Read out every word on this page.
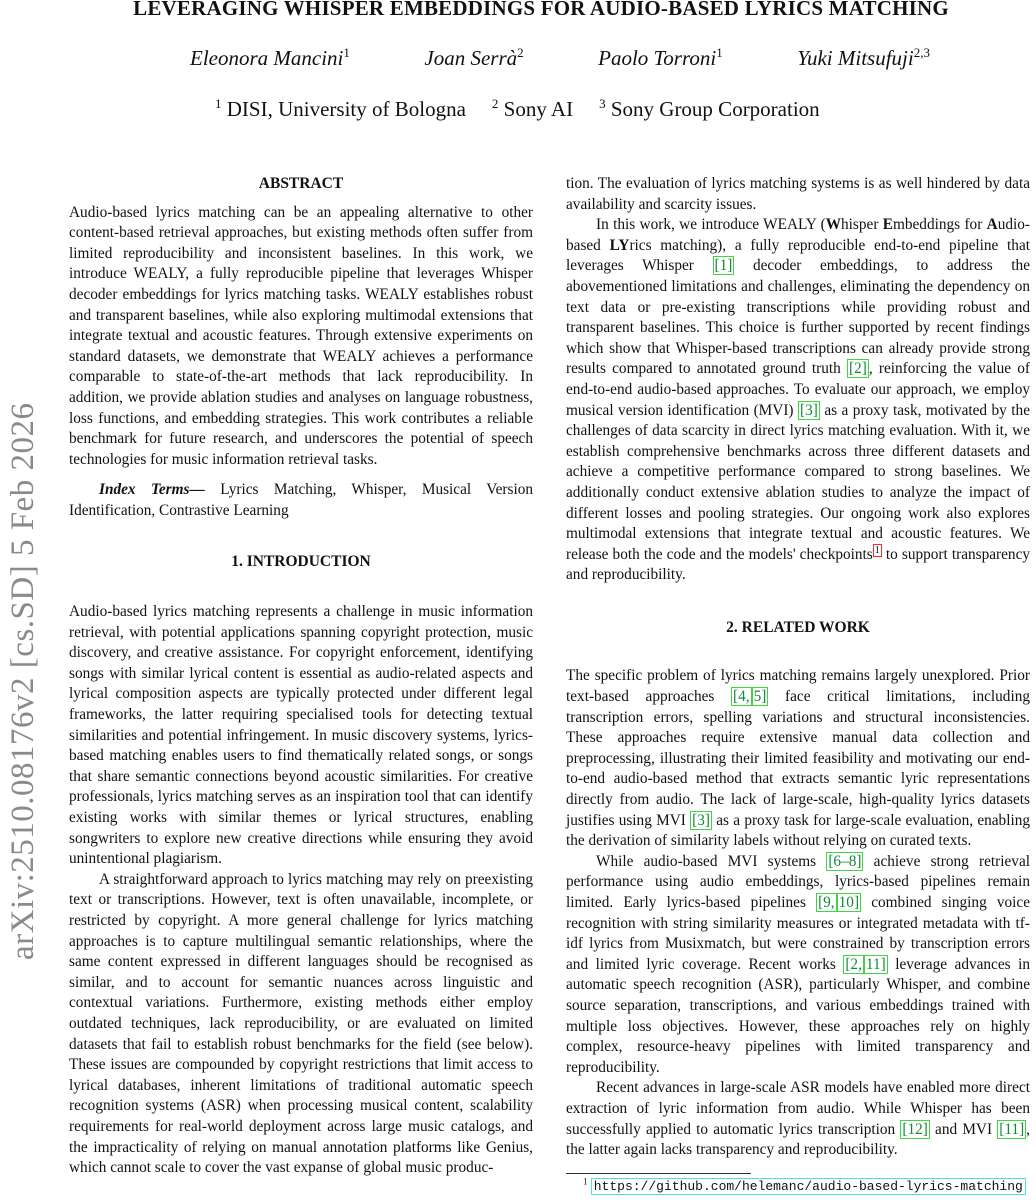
arXiv:2510.08176v2 [cs.SD] 5 Feb 2026
LEVERAGING WHISPER EMBEDDINGS FOR AUDIO-BASED LYRICS MATCHING
Eleonora Mancini$^1$	Joan Serrà$^2$	Paolo Torroni$^1$	Yuki Mitsufuji$^{2,3}$
$^1$ DISI, University of Bologna $^2$ Sony AI $^3$ Sony Group Corporation
ABSTRACT

Audio-based lyrics matching can be an appealing alternative to other content-based retrieval approaches, but existing methods often suffer from limited reproducibility and inconsistent baselines. In this work, we introduce WEALY, a fully reproducible pipeline that leverages Whisper decoder embeddings for lyrics matching tasks. WEALY establishes robust and transparent baselines, while also exploring multimodal extensions that integrate textual and acoustic features. Through extensive experiments on standard datasets, we demonstrate that WEALY achieves a performance comparable to state-of-the-art methods that lack reproducibility. In addition, we provide ablation studies and analyses on language robustness, loss functions, and embedding strategies. This work contributes a reliable benchmark for future research, and underscores the potential of speech technologies for music information retrieval tasks.

Index Terms— Lyrics Matching, Whisper, Musical Version Identification, Contrastive Learning

1. INTRODUCTION

Audio-based lyrics matching represents a challenge in music information retrieval, with potential applications spanning copyright protection, music discovery, and creative assistance. For copyright enforcement, identifying songs with similar lyrical content is essential as audio-related aspects and lyrical composition aspects are typically protected under different legal frameworks, the latter requiring specialised tools for detecting textual similarities and potential infringement. In music discovery systems, lyrics-based matching enables users to find thematically related songs, or songs that share semantic connections beyond acoustic similarities. For creative professionals, lyrics matching serves as an inspiration tool that can identify existing works with similar themes or lyrical structures, enabling songwriters to explore new creative directions while ensuring they avoid unintentional plagiarism.

A straightforward approach to lyrics matching may rely on preexisting text or transcriptions. However, text is often unavailable, incomplete, or restricted by copyright. A more general challenge for lyrics matching approaches is to capture multilingual semantic relationships, where the same content expressed in different languages should be recognised as similar, and to account for semantic nuances across linguistic and contextual variations. Furthermore, existing methods either employ outdated techniques, lack reproducibility, or are evaluated on limited datasets that fail to establish robust benchmarks for the field (see below). These issues are compounded by copyright restrictions that limit access to lyrical databases, inherent limitations of traditional automatic speech recognition systems (ASR) when processing musical content, scalability requirements for real-world deployment across large music catalogs, and the impracticality of relying on manual annotation platforms like Genius, which cannot scale to cover the vast expanse of global music produc-

tion. The evaluation of lyrics matching systems is as well hindered by data availability and scarcity issues.

In this work, we introduce WEALY (Whisper Embeddings for Audio-based LYrics matching), a fully reproducible end-to-end pipeline that leverages Whisper [1] decoder embeddings, to address the abovementioned limitations and challenges, eliminating the dependency on text data or pre-existing transcriptions while providing robust and transparent baselines. This choice is further supported by recent findings which show that Whisper-based transcriptions can already provide strong results compared to annotated ground truth [2] , reinforcing the value of end-to-end audio-based approaches. To evaluate our approach, we employ musical version identification (MVI) [3] as a proxy task, motivated by the challenges of data scarcity in direct lyrics matching evaluation. With it, we establish comprehensive benchmarks across three different datasets and achieve a competitive performance compared to strong baselines. We additionally conduct extensive ablation studies to analyze the impact of different losses and pooling strategies. Our ongoing work also explores multimodal extensions that integrate textual and acoustic features. We release both the code and the models' checkpoints $^1$ to support transparency and reproducibility.

2. RELATED WORK

The specific problem of lyrics matching remains largely unexplored. Prior text-based approaches [4, 5] face critical limitations, including transcription errors, spelling variations and structural inconsistencies. These approaches require extensive manual data collection and preprocessing, illustrating their limited feasibility and motivating our end-to-end audio-based method that extracts semantic lyric representations directly from audio. The lack of large-scale, high-quality lyrics datasets justifies using MVI [3] as a proxy task for large-scale evaluation, enabling the derivation of similarity labels without relying on curated texts.

While audio-based MVI systems [6–8] achieve strong retrieval performance using audio embeddings, lyrics-based pipelines remain limited. Early lyrics-based pipelines [9, 10] combined singing voice recognition with string similarity measures or integrated metadata with tf-idf lyrics from Musixmatch, but were constrained by transcription errors and limited lyric coverage. Recent works [2, 11] leverage advances in automatic speech recognition (ASR), particularly Whisper, and combine source separation, transcriptions, and various embeddings trained with multiple loss objectives. However, these approaches rely on highly complex, resource-heavy pipelines with limited transparency and reproducibility.

Recent advances in large-scale ASR models have enabled more direct extraction of lyric information from audio. While Whisper has been successfully applied to automatic lyrics transcription [12] and MVI [11] , the latter again lacks transparency and reproducibility.

$^1$ https://github.com/helemanc/audio-based-lyrics-matching
